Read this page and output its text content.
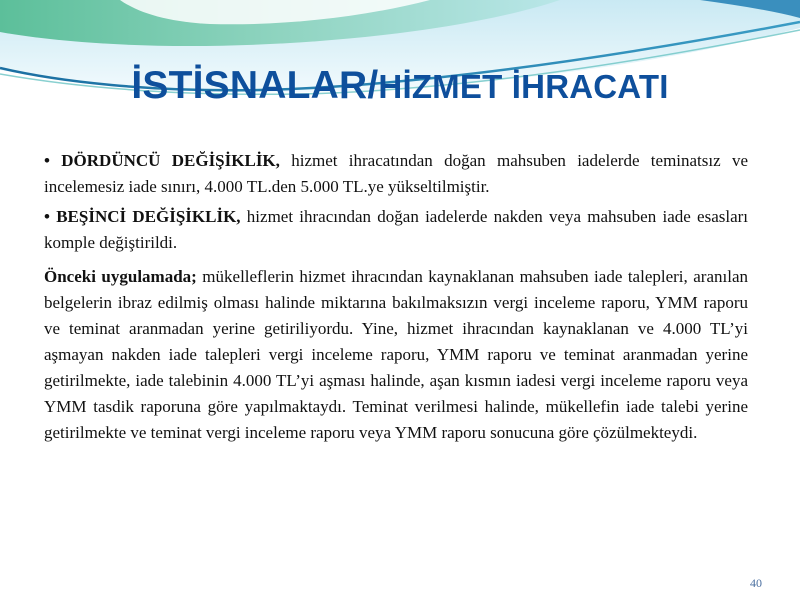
İSTİSNALAR/HİZMET İHRACATI

• DÖRDÜNCÜ DEĞİŞİKLİK, hizmet ihracatından doğan mahsuben iadelerde teminatsız ve incelemesiz iade sınırı, 4.000 TL.den 5.000 TL.ye yükseltilmiştir.

• BEŞİNCİ DEĞİŞİKLİK, hizmet ihracından doğan iadelerde nakden veya mahsuben iade esasları komple değiştirildi.

Önceki uygulamada; mükelleflerin hizmet ihracından kaynaklanan mahsuben iade talepleri, aranılan belgelerin ibraz edilmiş olması halinde miktarına bakılmaksızın vergi inceleme raporu, YMM raporu ve teminat aranmadan yerine getiriliyordu. Yine, hizmet ihracından kaynaklanan ve 4.000 TL’yi aşmayan nakden iade talepleri vergi inceleme raporu, YMM raporu ve teminat aranmadan yerine getirilmekte, iade talebinin 4.000 TL’yi aşması halinde, aşan kısmın iadesi vergi inceleme raporu veya YMM tasdik raporuna göre yapılmaktaydı. Teminat verilmesi halinde, mükellefin iade talebi yerine getirilmekte ve teminat vergi inceleme raporu veya YMM raporu sonucuna göre çözülmekteydi.

40
